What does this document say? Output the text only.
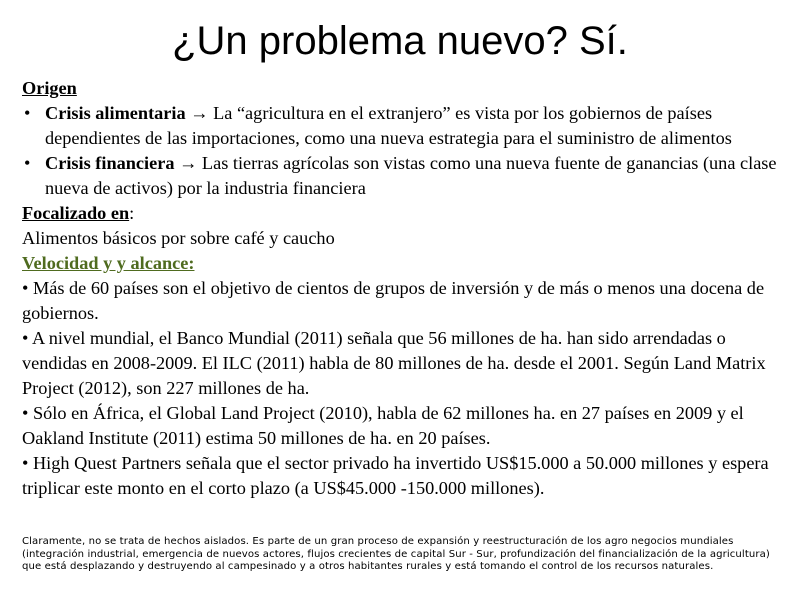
¿Un problema nuevo? Sí.
Origen
• Crisis alimentaria → La “agricultura en el extranjero” es vista por los gobiernos de países dependientes de las importaciones, como una nueva estrategia para el suministro de alimentos
• Crisis financiera → Las tierras agrícolas son vistas como una nueva fuente de ganancias (una clase nueva de activos) por la industria financiera
Focalizado en:
Alimentos básicos por sobre café y caucho
Velocidad y y alcance:
• Más de 60 países son el objetivo de cientos de grupos de inversión y de más o menos una docena de gobiernos.
• A nivel mundial, el Banco Mundial (2011) señala que 56 millones de ha. han sido arrendadas o vendidas en 2008-2009. El ILC (2011) habla de 80 millones de ha. desde el 2001. Según Land Matrix Project (2012), son 227 millones de ha.
• Sólo en África, el Global Land Project (2010), habla de 62 millones ha. en 27 países en 2009 y el Oakland Institute (2011) estima 50 millones de ha. en 20 países.
• High Quest Partners señala que el sector privado ha invertido US$15.000 a 50.000 millones y espera triplicar este monto en el corto plazo (a US$45.000 -150.000 millones).
Claramente, no se trata de hechos aislados. Es parte de un gran proceso de expansión y reestructuración de los agro negocios mundiales (integración industrial, emergencia de nuevos actores, flujos crecientes de capital Sur - Sur, profundización del financialización de la agricultura) que está desplazando y destruyendo al campesinado y a otros habitantes rurales y está tomando el control de los recursos naturales.
